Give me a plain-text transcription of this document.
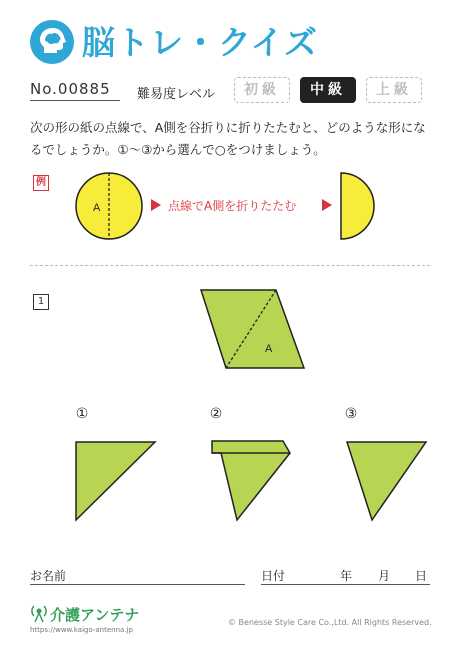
脳トレ・クイズ
No.00885 難易度レベル	初級	中級	上級
次の形の紙の点線で、A側を谷折りに折りたたむと、どのような形になるでしょうか。①〜③から選んで○をつけましょう。
例
A	点線でA側を折りたたむ
1
A
①	②	③
お名前	日付	年 月 日
介護アンテナ
https://www.kaigo-antenna.jp
© Benesse Style Care Co.,Ltd. All Rights Reserved.
